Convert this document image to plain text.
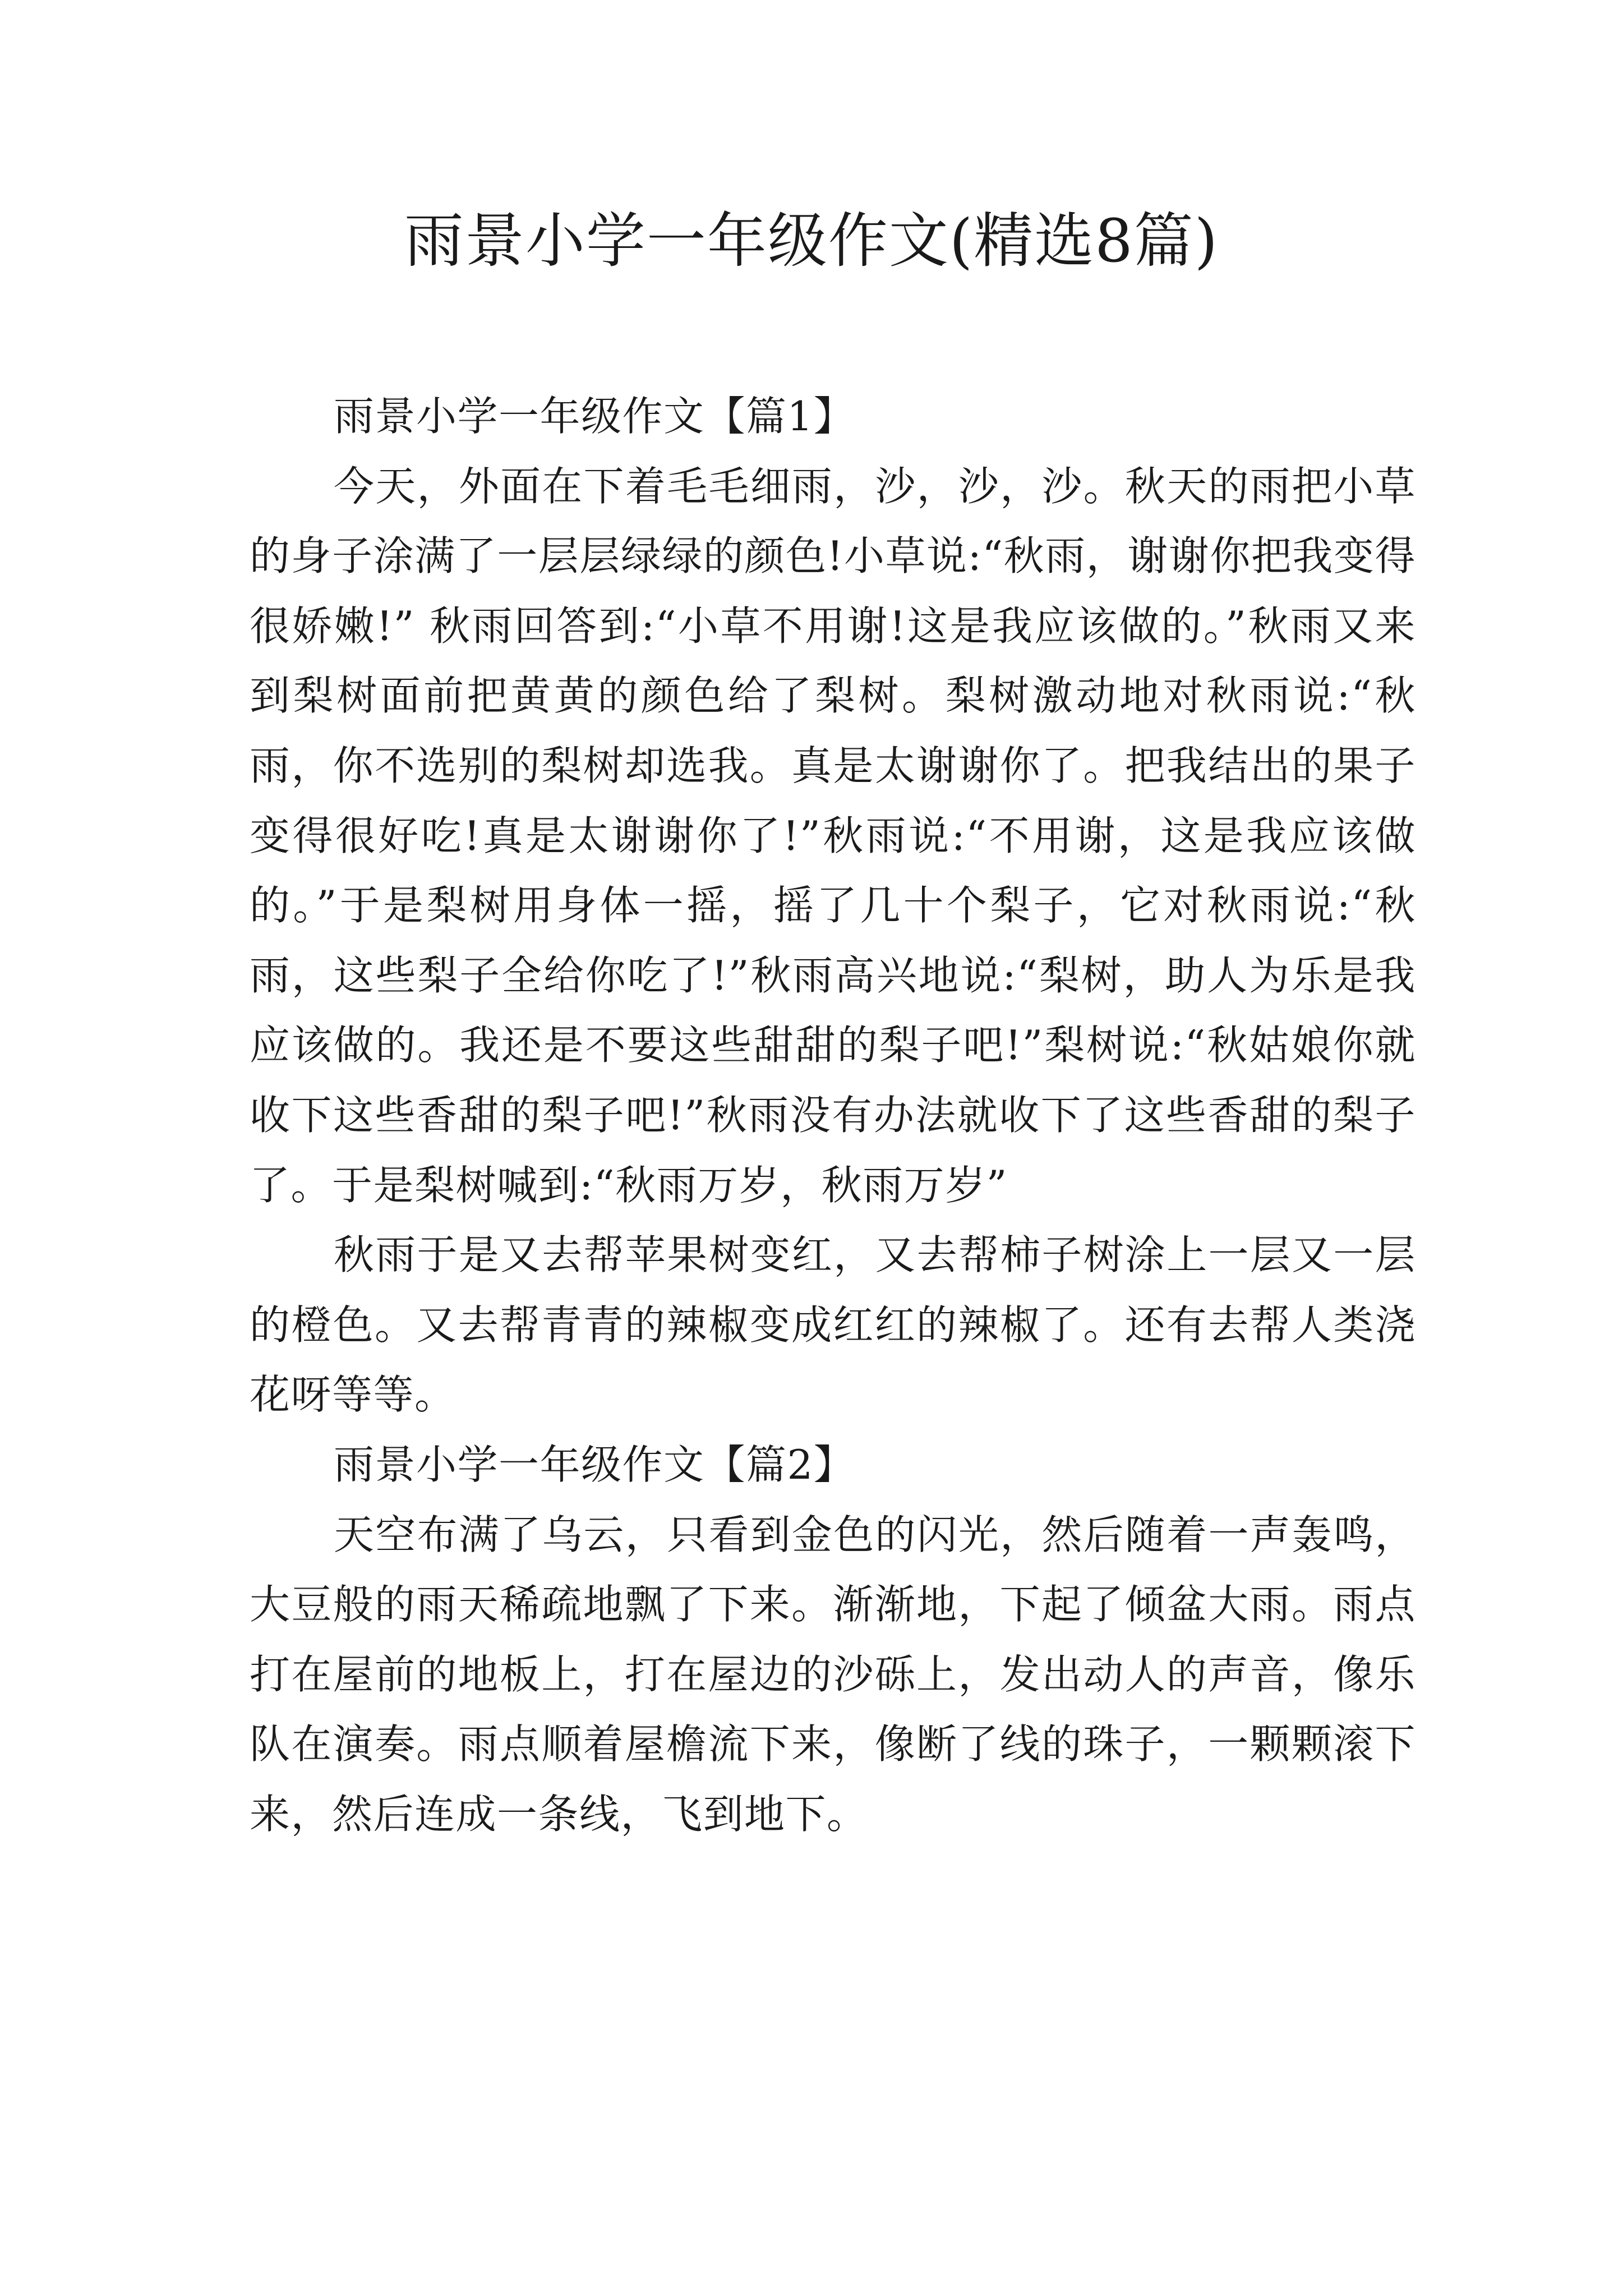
雨景小学一年级作文(精选8篇)

雨景小学一年级作文【篇1】

今天，外面在下着毛毛细雨，沙，沙，沙。秋天的雨把小草的身子涂满了一层层绿绿的颜色!小草说:“秋雨，谢谢你把我变得很娇嫩!” 秋雨回答到:“小草不用谢!这是我应该做的。”秋雨又来到梨树面前把黄黄的颜色给了梨树。梨树激动地对秋雨说:“秋雨，你不选别的梨树却选我。真是太谢谢你了。把我结出的果子变得很好吃!真是太谢谢你了!”秋雨说:“不用谢，这是我应该做的。”于是梨树用身体一摇，摇了几十个梨子，它对秋雨说:“秋雨，这些梨子全给你吃了!”秋雨高兴地说:“梨树，助人为乐是我应该做的。我还是不要这些甜甜的梨子吧!”梨树说:“秋姑娘你就收下这些香甜的梨子吧!”秋雨没有办法就收下了这些香甜的梨子了。于是梨树喊到:“秋雨万岁，秋雨万岁”

秋雨于是又去帮苹果树变红，又去帮柿子树涂上一层又一层的橙色。又去帮青青的辣椒变成红红的辣椒了。还有去帮人类浇花呀等等。

雨景小学一年级作文【篇2】

天空布满了乌云，只看到金色的闪光，然后随着一声轰鸣，大豆般的雨天稀疏地飘了下来。渐渐地，下起了倾盆大雨。雨点打在屋前的地板上，打在屋边的沙砾上，发出动人的声音，像乐队在演奏。雨点顺着屋檐流下来，像断了线的珠子，一颗颗滚下来，然后连成一条线，飞到地下。
